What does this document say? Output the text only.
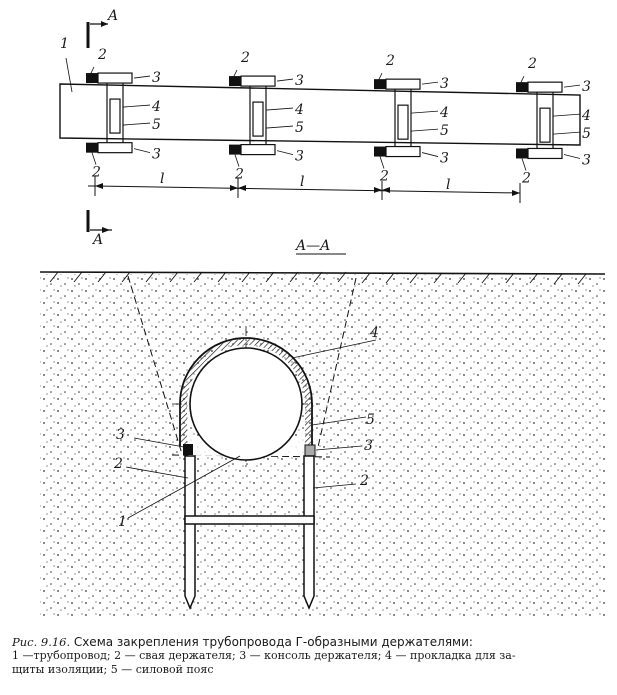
A
1
2
3
4
5
3
2
2
3
4
5
3
2
2
3
4
5
3
2
2
3
4
5
3
2
l	l	l
A	A—A
4
5
3
3
2
2
1
Рис. 9.16. Схема закрепления трубопровода Г-образными держателями:
1 —трубопровод; 2 — свая держателя; 3 — консоль держателя; 4 — прокладка для за-
щиты изоляции; 5 — силовой пояс
